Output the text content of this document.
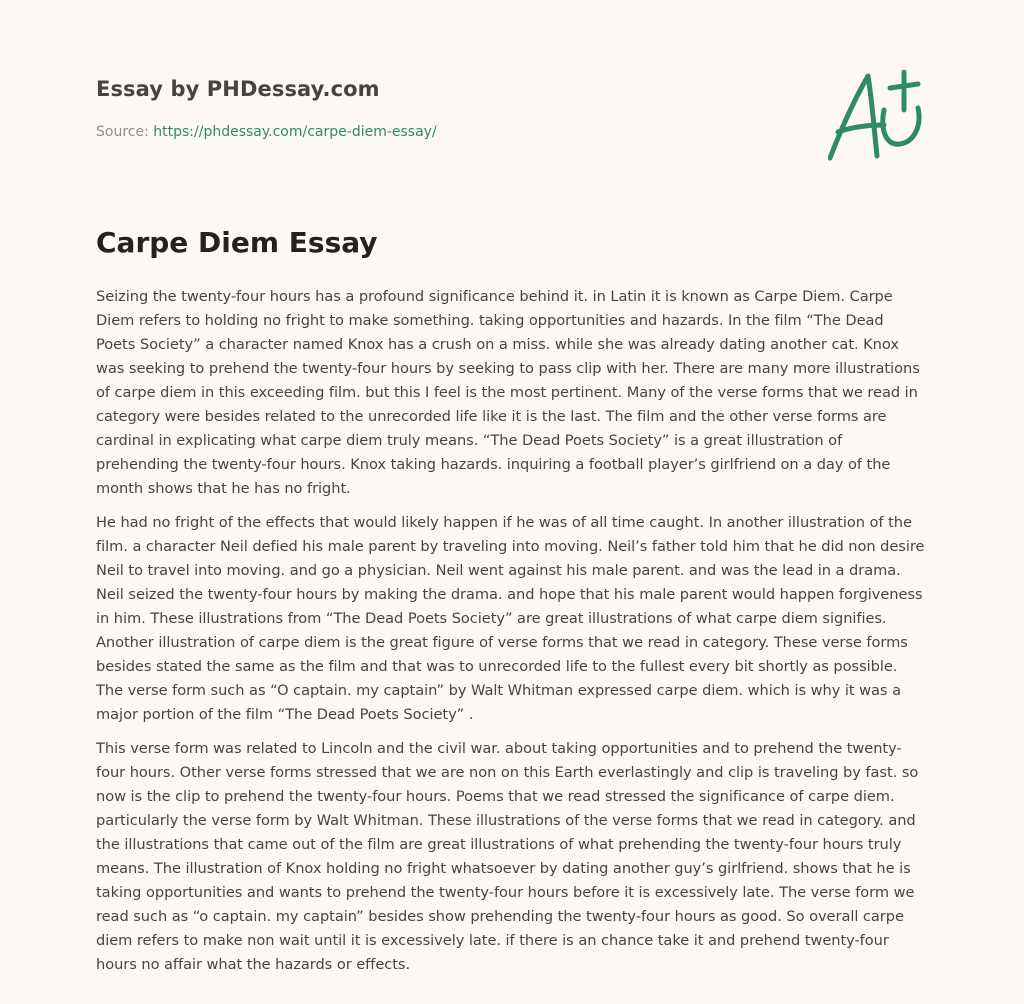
Essay by PHDessay.com
Source: https://phdessay.com/carpe-diem-essay/
Carpe Diem Essay

Seizing the twenty-four hours has a profound significance behind it. in Latin it is known as Carpe Diem. Carpe Diem refers to holding no fright to make something. taking opportunities and hazards. In the film “The Dead Poets Society” a character named Knox has a crush on a miss. while she was already dating another cat. Knox was seeking to prehend the twenty-four hours by seeking to pass clip with her. There are many more illustrations of carpe diem in this exceeding film. but this I feel is the most pertinent. Many of the verse forms that we read in category were besides related to the unrecorded life like it is the last. The film and the other verse forms are cardinal in explicating what carpe diem truly means. “The Dead Poets Society” is a great illustration of prehending the twenty-four hours. Knox taking hazards. inquiring a football player’s girlfriend on a day of the month shows that he has no fright.

He had no fright of the effects that would likely happen if he was of all time caught. In another illustration of the film. a character Neil defied his male parent by traveling into moving. Neil’s father told him that he did non desire Neil to travel into moving. and go a physician. Neil went against his male parent. and was the lead in a drama. Neil seized the twenty-four hours by making the drama. and hope that his male parent would happen forgiveness in him. These illustrations from “The Dead Poets Society” are great illustrations of what carpe diem signifies. Another illustration of carpe diem is the great figure of verse forms that we read in category. These verse forms besides stated the same as the film and that was to unrecorded life to the fullest every bit shortly as possible. The verse form such as “O captain. my captain” by Walt Whitman expressed carpe diem. which is why it was a major portion of the film “The Dead Poets Society” .

This verse form was related to Lincoln and the civil war. about taking opportunities and to prehend the twenty-four hours. Other verse forms stressed that we are non on this Earth everlastingly and clip is traveling by fast. so now is the clip to prehend the twenty-four hours. Poems that we read stressed the significance of carpe diem. particularly the verse form by Walt Whitman. These illustrations of the verse forms that we read in category. and the illustrations that came out of the film are great illustrations of what prehending the twenty-four hours truly means. The illustration of Knox holding no fright whatsoever by dating another guy’s girlfriend. shows that he is taking opportunities and wants to prehend the twenty-four hours before it is excessively late. The verse form we read such as “o captain. my captain” besides show prehending the twenty-four hours as good. So overall carpe diem refers to make non wait until it is excessively late. if there is an chance take it and prehend twenty-four hours no affair what the hazards or effects.
